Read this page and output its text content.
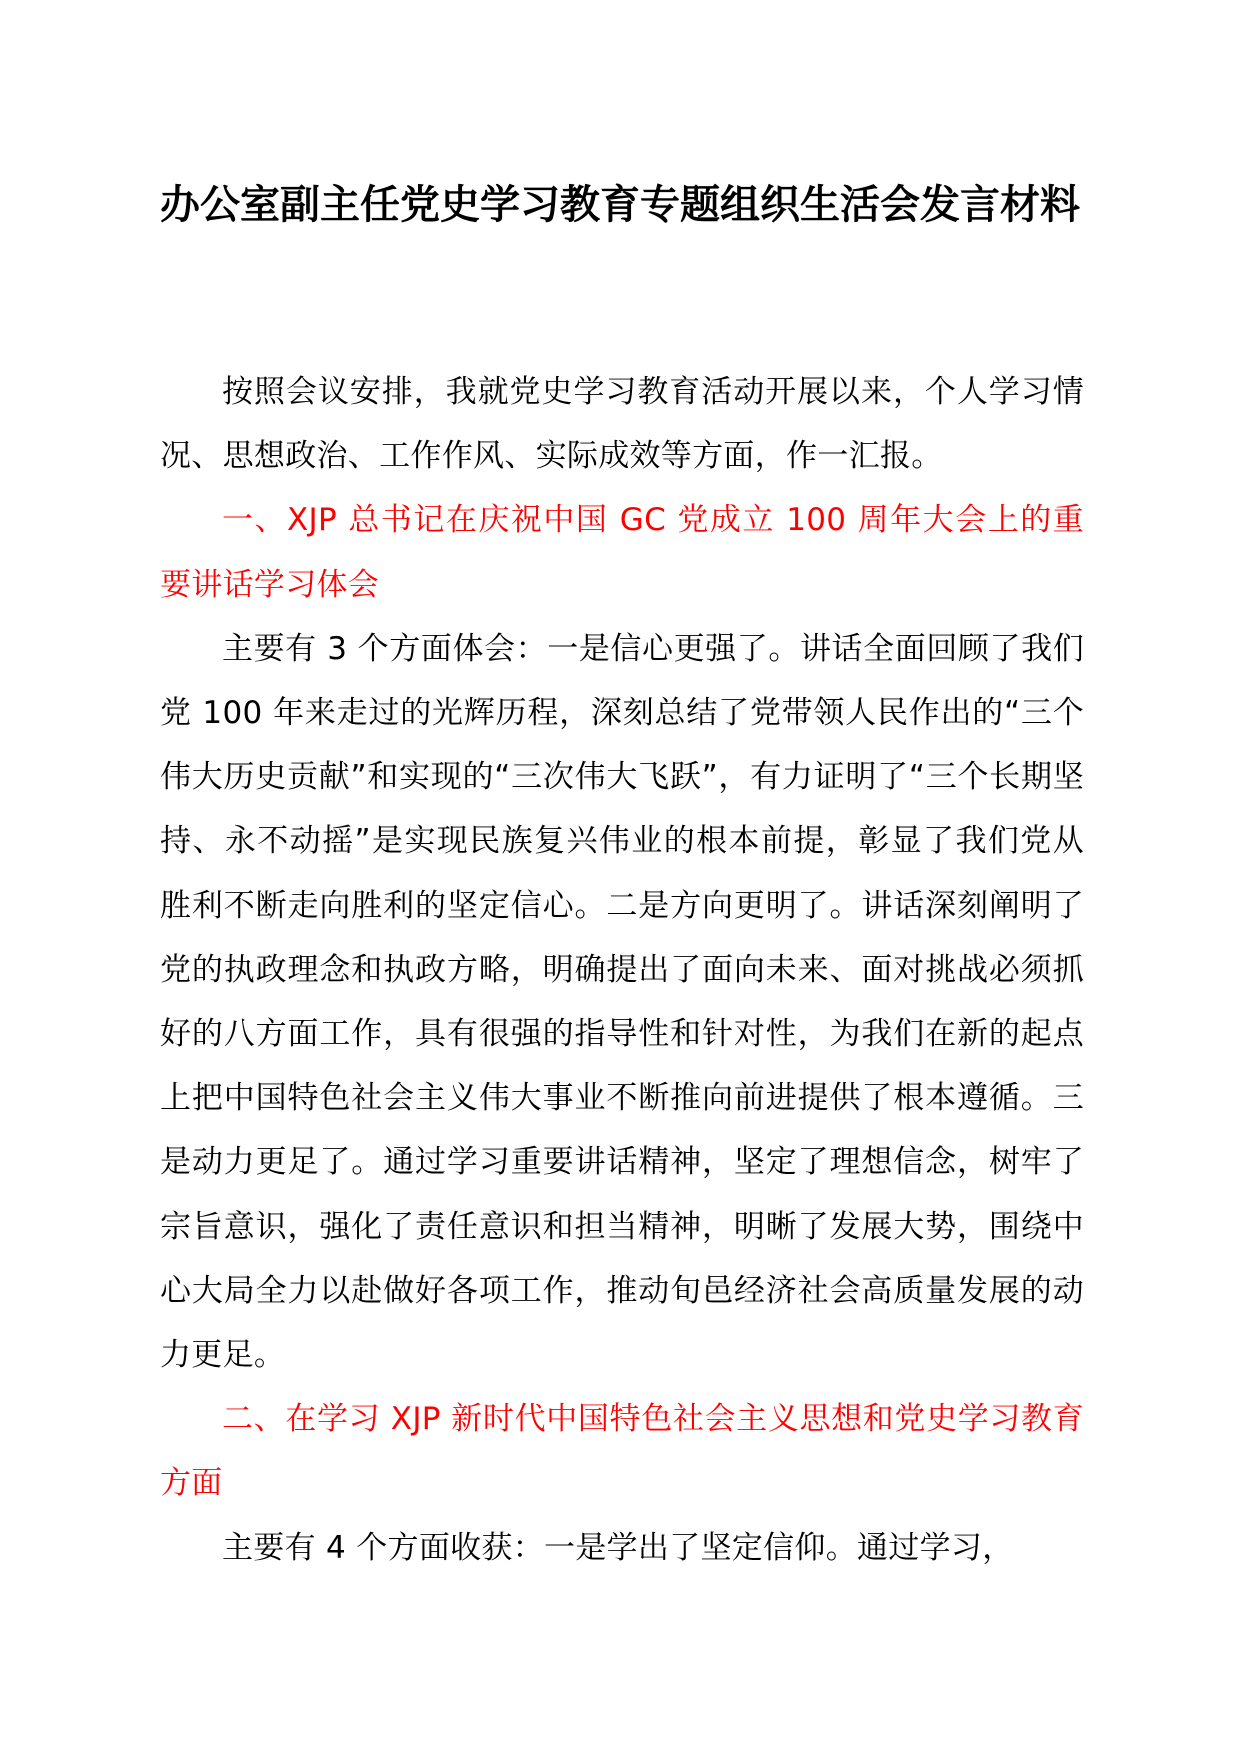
办公室副主任党史学习教育专题组织生活会发言材料

按照会议安排，我就党史学习教育活动开展以来，个人学习情况、思想政治、工作作风、实际成效等方面，作一汇报。

一、XJP 总书记在庆祝中国 GC 党成立 100 周年大会上的重要讲话学习体会

主要有 3 个方面体会：一是信心更强了。讲话全面回顾了我们党 100 年来走过的光辉历程，深刻总结了党带领人民作出的“三个伟大历史贡献”和实现的“三次伟大飞跃”，有力证明了“三个长期坚持、永不动摇”是实现民族复兴伟业的根本前提，彰显了我们党从胜利不断走向胜利的坚定信心。二是方向更明了。讲话深刻阐明了党的执政理念和执政方略，明确提出了面向未来、面对挑战必须抓好的八方面工作，具有很强的指导性和针对性，为我们在新的起点上把中国特色社会主义伟大事业不断推向前进提供了根本遵循。三是动力更足了。通过学习重要讲话精神，坚定了理想信念，树牢了宗旨意识，强化了责任意识和担当精神，明晰了发展大势，围绕中心大局全力以赴做好各项工作，推动旬邑经济社会高质量发展的动力更足。

二、在学习 XJP 新时代中国特色社会主义思想和党史学习教育方面

主要有 4 个方面收获：一是学出了坚定信仰。通过学习，
